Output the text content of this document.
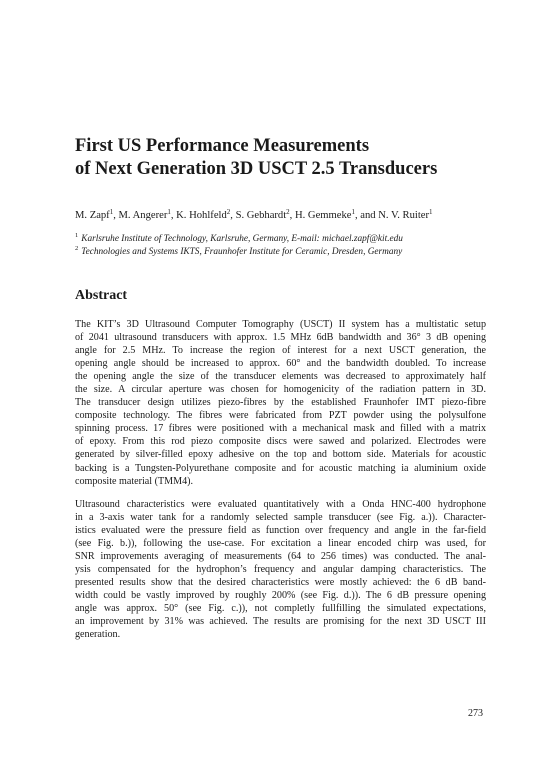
First US Performance Measurements
of Next Generation 3D USCT 2.5 Transducers
M. Zapf$^1$, M. Angerer$^1$, K. Hohlfeld$^2$, S. Gebhardt$^2$, H. Gemmeke$^1$, and N. V. Ruiter$^1$
$^1$ Karlsruhe Institute of Technology, Karlsruhe, Germany, E-mail: michael.zapf@kit.edu
$^2$ Technologies and Systems IKTS, Fraunhofer Institute for Ceramic, Dresden, Germany
Abstract

The KIT’s 3D Ultrasound Computer Tomography (USCT) II system has a multistatic setup
of 2041 ultrasound transducers with approx. 1.5 MHz 6dB bandwidth and 36° 3 dB opening
angle for 2.5 MHz. To increase the region of interest for a next USCT generation, the
opening angle should be increased to approx. 60° and the bandwidth doubled. To increase
the opening angle the size of the transducer elements was decreased to approximately half
the size. A circular aperture was chosen for homogenicity of the radiation pattern in 3D.
The transducer design utilizes piezo-fibres by the established Fraunhofer IMT piezo-fibre
composite technology. The fibres were fabricated from PZT powder using the polysulfone
spinning process. 17 fibres were positioned with a mechanical mask and filled with a matrix
of epoxy. From this rod piezo composite discs were sawed and polarized. Electrodes were
generated by silver-filled epoxy adhesive on the top and bottom side. Materials for acoustic
backing is a Tungsten-Polyurethane composite and for acoustic matching ia aluminium oxide
composite material (TMM4).

Ultrasound characteristics were evaluated quantitatively with a Onda HNC-400 hydrophone
in a 3-axis water tank for a randomly selected sample transducer (see Fig. a.)). Character-
istics evaluated were the pressure field as function over frequency and angle in the far-field
(see Fig. b.)), following the use-case. For excitation a linear encoded chirp was used, for
SNR improvements averaging of measurements (64 to 256 times) was conducted. The anal-
ysis compensated for the hydrophon’s frequency and angular damping characteristics. The
presented results show that the desired characteristics were mostly achieved: the 6 dB band-
width could be vastly improved by roughly 200% (see Fig. d.)). The 6 dB pressure opening
angle was approx. 50° (see Fig. c.)), not completly fullfilling the simulated expectations,
an improvement by 31% was achieved. The results are promising for the next 3D USCT III
generation.

273
